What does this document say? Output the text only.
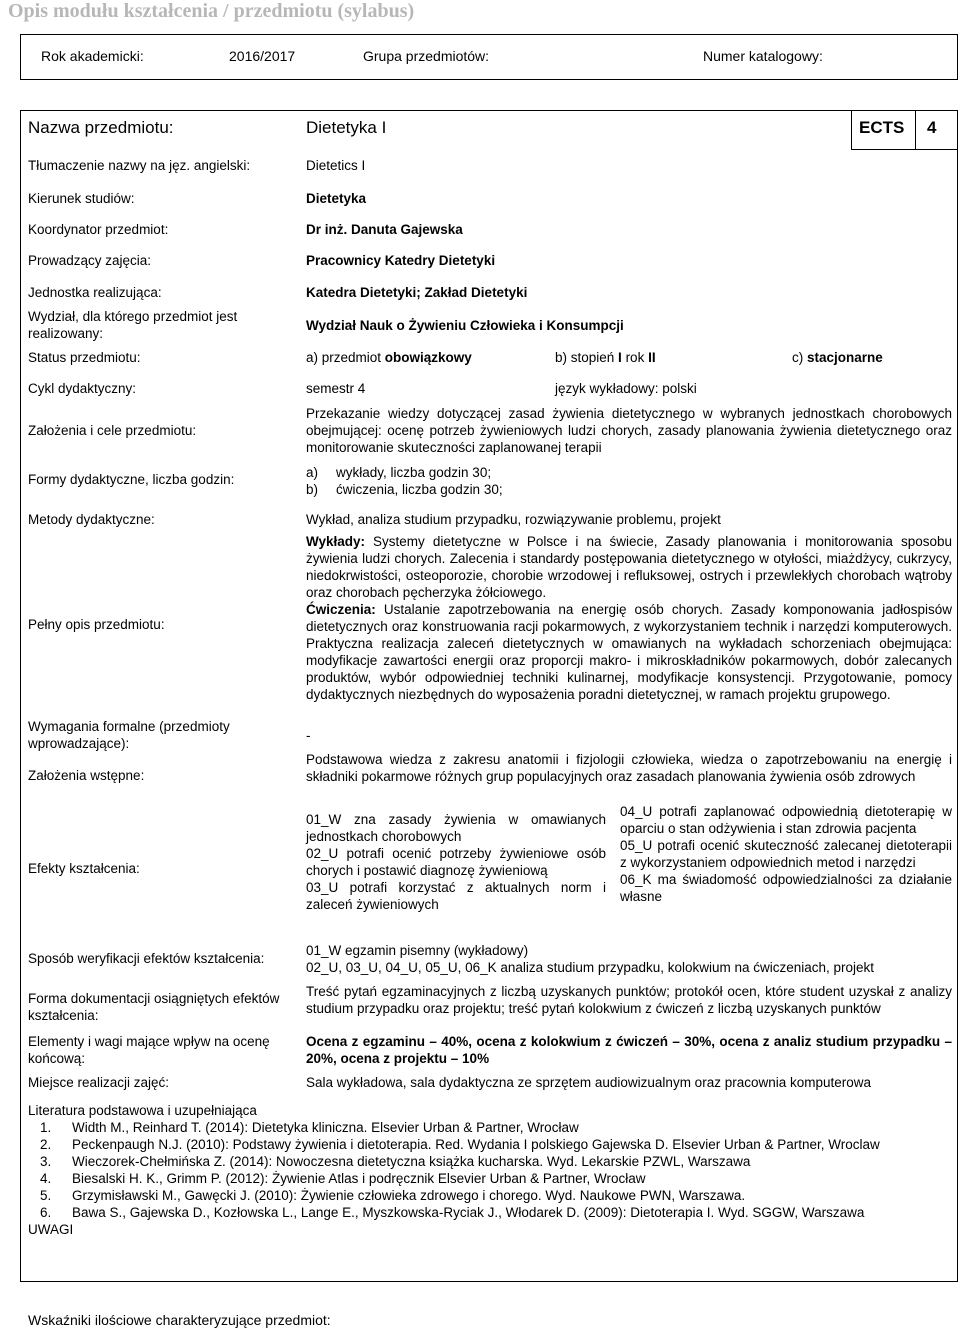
Opis modułu kształcenia / przedmiotu (sylabus)
Rok akademicki:	2016/2017	Grupa przedmiotów:	Numer katalogowy:
Nazwa przedmiotu:	Dietetyka I	ECTS 4
Tłumaczenie nazwy na jęz. angielski:	Dietetics I
Kierunek studiów:	Dietetyka
Koordynator przedmiot:	Dr inż. Danuta Gajewska
Prowadzący zajęcia:	Pracownicy Katedry Dietetyki
Jednostka realizująca:	Katedra Dietetyki; Zakład Dietetyki
Wydział, dla którego przedmiot jest realizowany:
Wydział Nauk o Żywieniu Człowieka i Konsumpcji
Status przedmiotu:	a) przedmiot obowiązkowy	b) stopień I rok II	c) stacjonarne
Cykl dydaktyczny:	semestr 4	język wykładowy: polski
Założenia i cele przedmiotu:
Przekazanie wiedzy dotyczącej zasad żywienia dietetycznego w wybranych jednostkach chorobowych obejmującej: ocenę potrzeb żywieniowych ludzi chorych, zasady planowania żywienia dietetycznego oraz monitorowanie skuteczności zaplanowanej terapii
Formy dydaktyczne, liczba godzin:	a) wykłady, liczba godzin 30;
b) ćwiczenia, liczba godzin 30;
Metody dydaktyczne:	Wykład, analiza studium przypadku, rozwiązywanie problemu, projekt
Pełny opis przedmiotu:
Wykłady: Systemy dietetyczne w Polsce i na świecie, Zasady planowania i monitorowania sposobu żywienia ludzi chorych. Zalecenia i standardy postępowania dietetycznego w otyłości, miażdżycy, cukrzycy, niedokrwistości, osteoporozie, chorobie wrzodowej i refluksowej, ostrych i przewlekłych chorobach wątroby oraz chorobach pęcherzyka żółciowego.
Ćwiczenia: Ustalanie zapotrzebowania na energię osób chorych. Zasady komponowania jadłospisów dietetycznych oraz konstruowania racji pokarmowych, z wykorzystaniem technik i narzędzi komputerowych. Praktyczna realizacja zaleceń dietetycznych w omawianych na wykładach schorzeniach obejmująca: modyfikacje zawartości energii oraz proporcji makro- i mikroskładników pokarmowych, dobór zalecanych produktów, wybór odpowiedniej techniki kulinarnej, modyfikacje konsystencji. Przygotowanie, pomocy dydaktycznych niezbędnych do wyposażenia poradni dietetycznej, w ramach projektu grupowego.
Wymagania formalne (przedmioty wprowadzające):
-
Założenia wstępne:
Podstawowa wiedza z zakresu anatomii i fizjologii człowieka, wiedza o zapotrzebowaniu na energię i składniki pokarmowe różnych grup populacyjnych oraz zasadach planowania żywienia osób zdrowych
Efekty kształcenia:
01_W zna zasady żywienia w omawianych jednostkach chorobowych
02_U potrafi ocenić potrzeby żywieniowe osób chorych i postawić diagnozę żywieniową
03_U potrafi korzystać z aktualnych norm i zaleceń żywieniowych
04_U potrafi zaplanować odpowiednią dietoterapię w oparciu o stan odżywienia i stan zdrowia pacjenta
05_U potrafi ocenić skuteczność zalecanej dietoterapii z wykorzystaniem odpowiednich metod i narzędzi
06_K ma świadomość odpowiedzialności za działanie własne
Sposób weryfikacji efektów kształcenia:
01_W egzamin pisemny (wykładowy)
02_U, 03_U, 04_U, 05_U, 06_K analiza studium przypadku, kolokwium na ćwiczeniach, projekt
Forma dokumentacji osiągniętych efektów kształcenia:
Treść pytań egzaminacyjnych z liczbą uzyskanych punktów; protokół ocen, które student uzyskał z analizy studium przypadku oraz projektu; treść pytań kolokwium z ćwiczeń z liczbą uzyskanych punktów
Elementy i wagi mające wpływ na ocenę końcową:
Ocena z egzaminu – 40%, ocena z kolokwium z ćwiczeń – 30%, ocena z analiz studium przypadku – 20%, ocena z projektu – 10%
Miejsce realizacji zajęć:	Sala wykładowa, sala dydaktyczna ze sprzętem audiowizualnym oraz pracownia komputerowa
Literatura podstawowa i uzupełniająca
1. Width M., Reinhard T. (2014): Dietetyka kliniczna. Elsevier Urban & Partner, Wrocław
2. Peckenpaugh N.J. (2010): Podstawy żywienia i dietoterapia. Red. Wydania I polskiego Gajewska D. Elsevier Urban & Partner, Wroclaw
3. Wieczorek-Chełmińska Z. (2014): Nowoczesna dietetyczna książka kucharska. Wyd. Lekarskie PZWL, Warszawa
4. Biesalski H. K., Grimm P. (2012): Żywienie Atlas i podręcznik Elsevier Urban & Partner, Wrocław
5. Grzymisławski M., Gawęcki J. (2010): Żywienie człowieka zdrowego i chorego. Wyd. Naukowe PWN, Warszawa.
6. Bawa S., Gajewska D., Kozłowska L., Lange E., Myszkowska-Ryciak J., Włodarek D. (2009): Dietoterapia I. Wyd. SGGW, Warszawa
UWAGI
Wskaźniki ilościowe charakteryzujące przedmiot:
